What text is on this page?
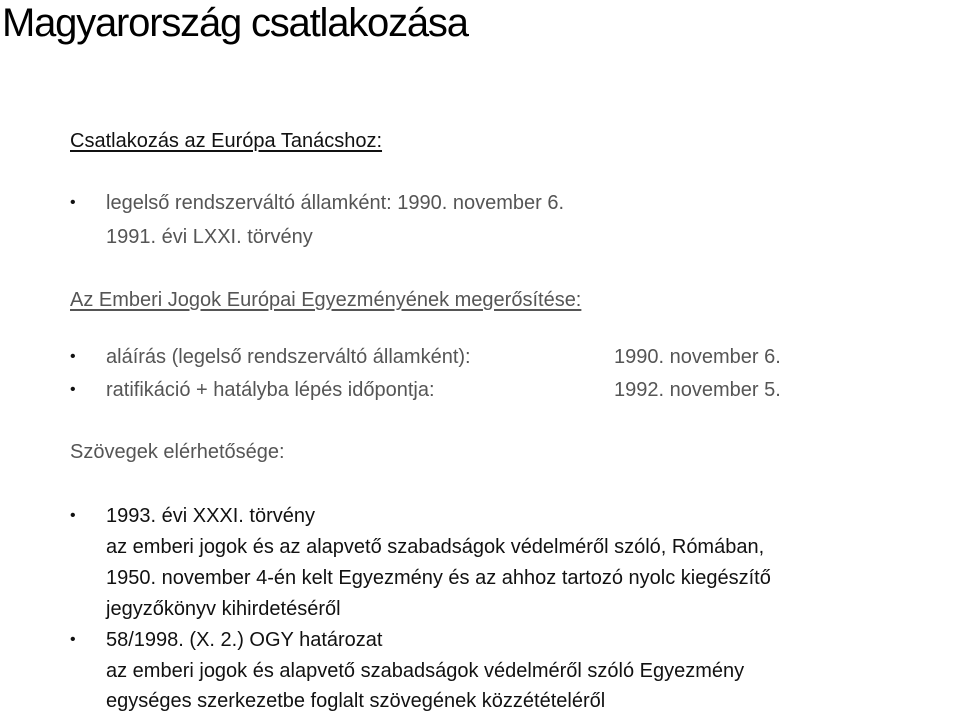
Magyarország csatlakozása
Csatlakozás az Európa Tanácshoz:
• legelső rendszerváltó államként: 1990. november 6.
1991. évi LXXI. törvény
Az Emberi Jogok Európai Egyezményének megerősítése:
• aláírás (legelső rendszerváltó államként):	1990. november 6.
• ratifikáció + hatályba lépés időpontja:	1992. november 5.
Szövegek elérhetősége:
• 1993. évi XXXI. törvény
az emberi jogok és az alapvető szabadságok védelméről szóló, Rómában,
1950. november 4-én kelt Egyezmény és az ahhoz tartozó nyolc kiegészítő
jegyzőkönyv kihirdetéséről
• 58/1998. (X. 2.) OGY határozat
az emberi jogok és alapvető szabadságok védelméről szóló Egyezmény
egységes szerkezetbe foglalt szövegének közzétételéről
